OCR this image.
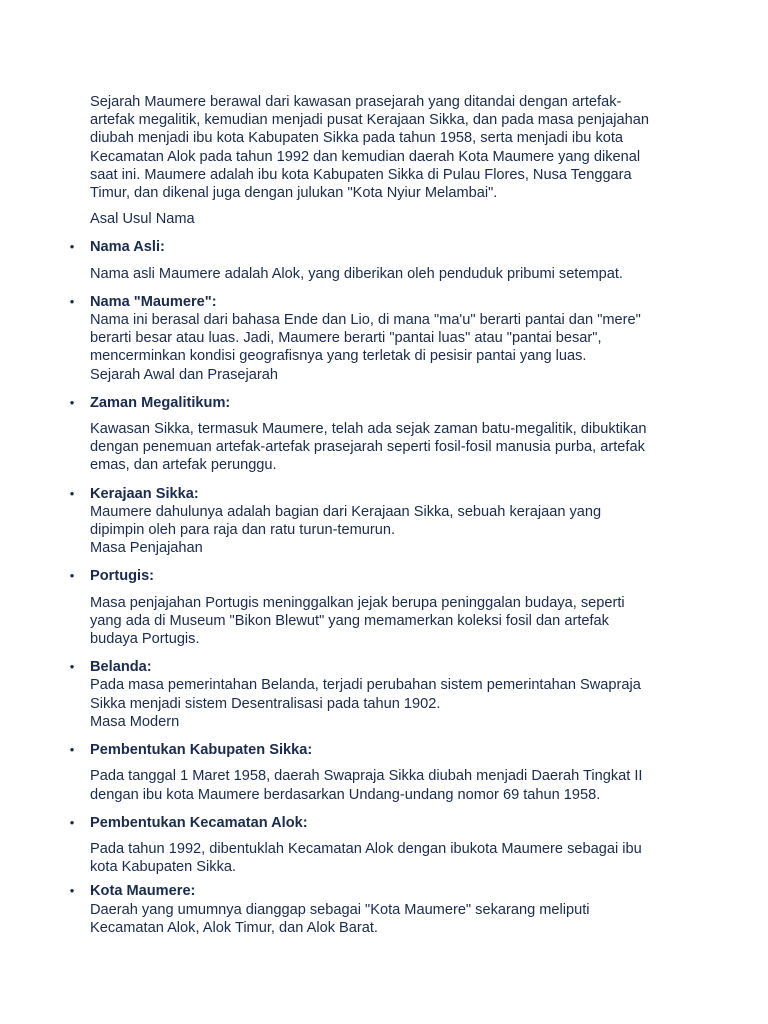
Sejarah Maumere berawal dari kawasan prasejarah yang ditandai dengan artefak-
artefak megalitik, kemudian menjadi pusat Kerajaan Sikka, dan pada masa penjajahan
diubah menjadi ibu kota Kabupaten Sikka pada tahun 1958, serta menjadi ibu kota
Kecamatan Alok pada tahun 1992 dan kemudian daerah Kota Maumere yang dikenal
saat ini. Maumere adalah ibu kota Kabupaten Sikka di Pulau Flores, Nusa Tenggara
Timur, dan dikenal juga dengan julukan "Kota Nyiur Melambai".

Asal Usul Nama

• Nama Asli:
Nama asli Maumere adalah Alok, yang diberikan oleh penduduk pribumi setempat.
• Nama "Maumere":
Nama ini berasal dari bahasa Ende dan Lio, di mana "ma'u" berarti pantai dan "mere"
berarti besar atau luas. Jadi, Maumere berarti "pantai luas" atau "pantai besar",
mencerminkan kondisi geografisnya yang terletak di pesisir pantai yang luas.
Sejarah Awal dan Prasejarah
• Zaman Megalitikum:
Kawasan Sikka, termasuk Maumere, telah ada sejak zaman batu-megalitik, dibuktikan
dengan penemuan artefak-artefak prasejarah seperti fosil-fosil manusia purba, artefak
emas, dan artefak perunggu.
• Kerajaan Sikka:
Maumere dahulunya adalah bagian dari Kerajaan Sikka, sebuah kerajaan yang
dipimpin oleh para raja dan ratu turun-temurun.
Masa Penjajahan
• Portugis:
Masa penjajahan Portugis meninggalkan jejak berupa peninggalan budaya, seperti
yang ada di Museum "Bikon Blewut" yang memamerkan koleksi fosil dan artefak
budaya Portugis.
• Belanda:
Pada masa pemerintahan Belanda, terjadi perubahan sistem pemerintahan Swapraja
Sikka menjadi sistem Desentralisasi pada tahun 1902.
Masa Modern
• Pembentukan Kabupaten Sikka:
Pada tanggal 1 Maret 1958, daerah Swapraja Sikka diubah menjadi Daerah Tingkat II
dengan ibu kota Maumere berdasarkan Undang-undang nomor 69 tahun 1958.
• Pembentukan Kecamatan Alok:
Pada tahun 1992, dibentuklah Kecamatan Alok dengan ibukota Maumere sebagai ibu
kota Kabupaten Sikka.
• Kota Maumere:
Daerah yang umumnya dianggap sebagai "Kota Maumere" sekarang meliputi
Kecamatan Alok, Alok Timur, dan Alok Barat.
